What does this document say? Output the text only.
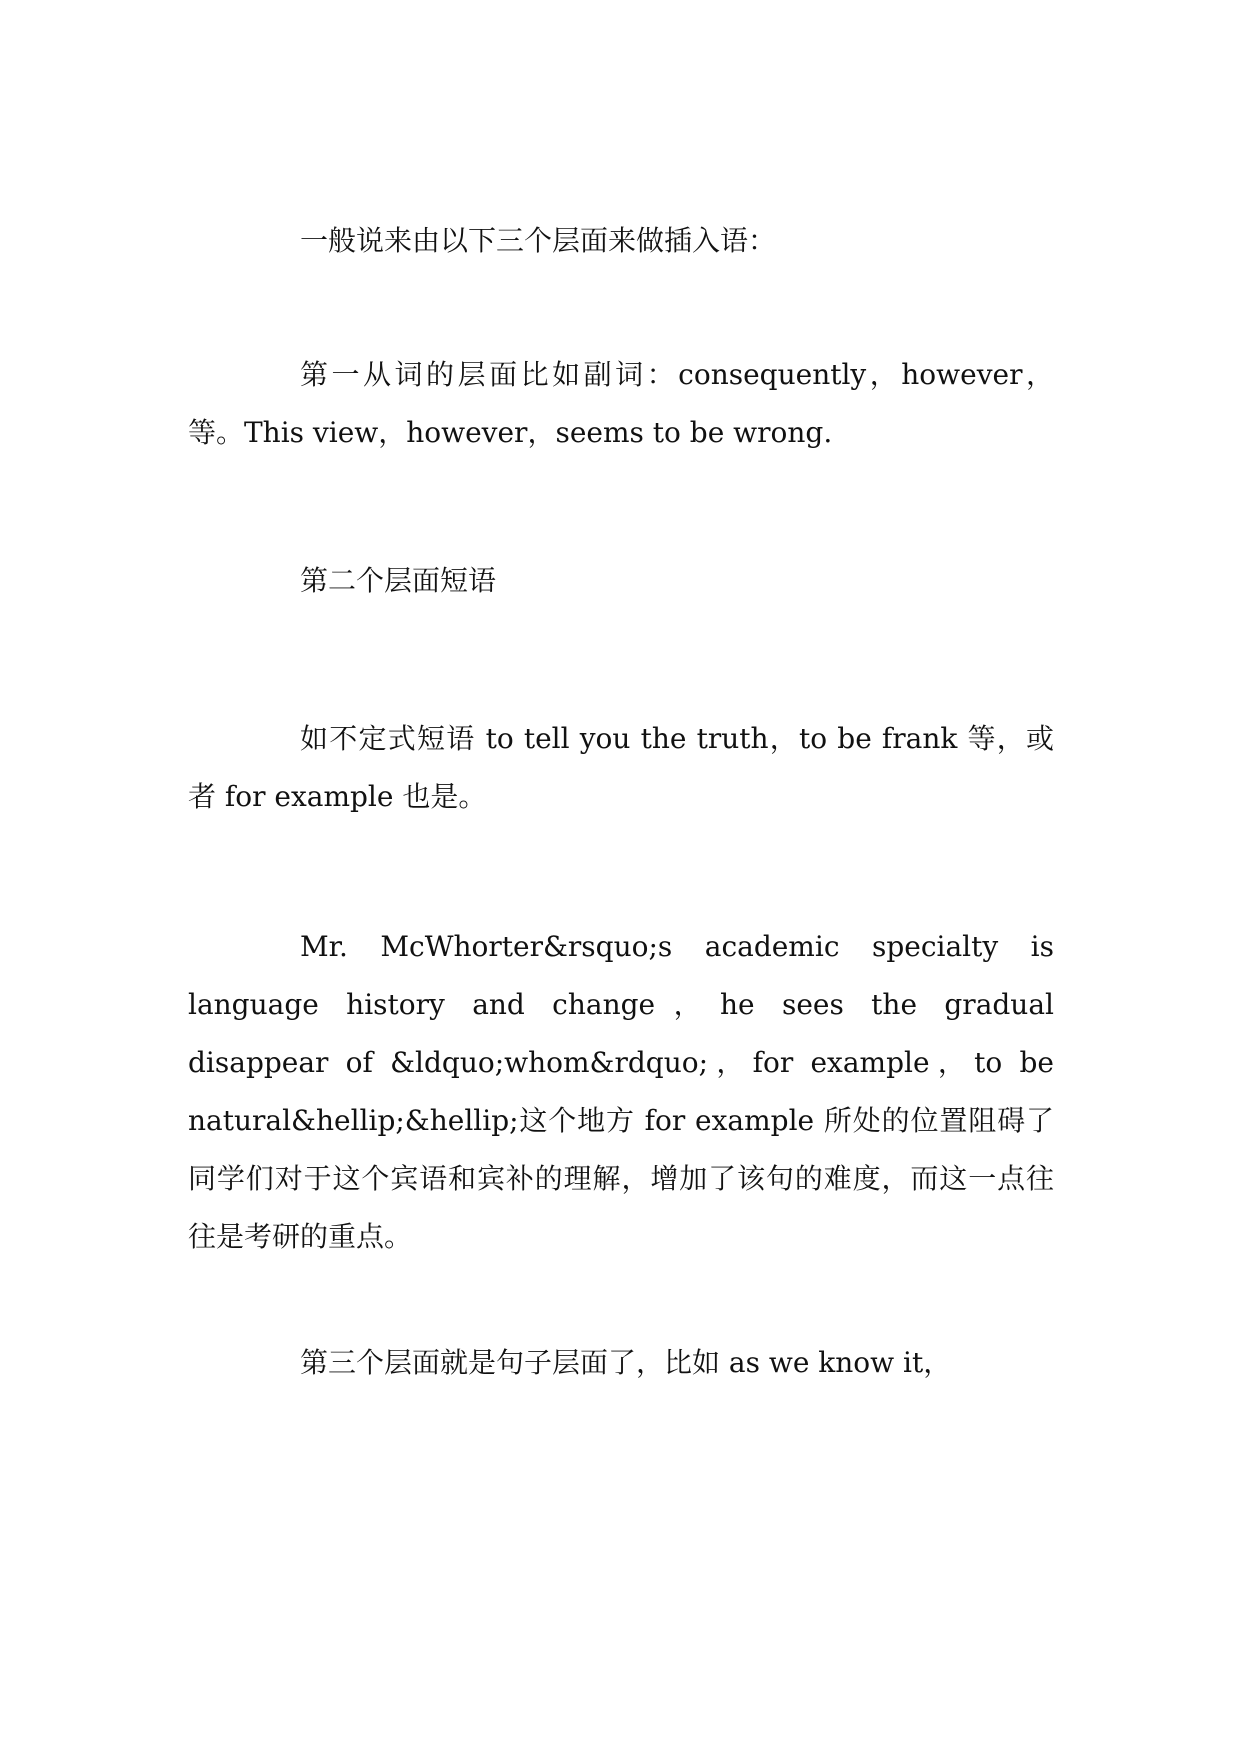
一般说来由以下三个层面来做插入语：

第一从词的层面比如副词：consequently，however，等。This view，however，seems to be wrong.

第二个层面短语

如不定式短语 to tell you the truth，to be frank 等，或者 for example 也是。

Mr. McWhorter&rsquo;s academic specialty is language history and change，he sees the gradual disappear of &ldquo;whom&rdquo;，for example，to be natural&hellip;&hellip;这个地方 for example 所处的位置阻碍了同学们对于这个宾语和宾补的理解，增加了该句的难度，而这一点往往是考研的重点。

第三个层面就是句子层面了，比如 as we know it，
